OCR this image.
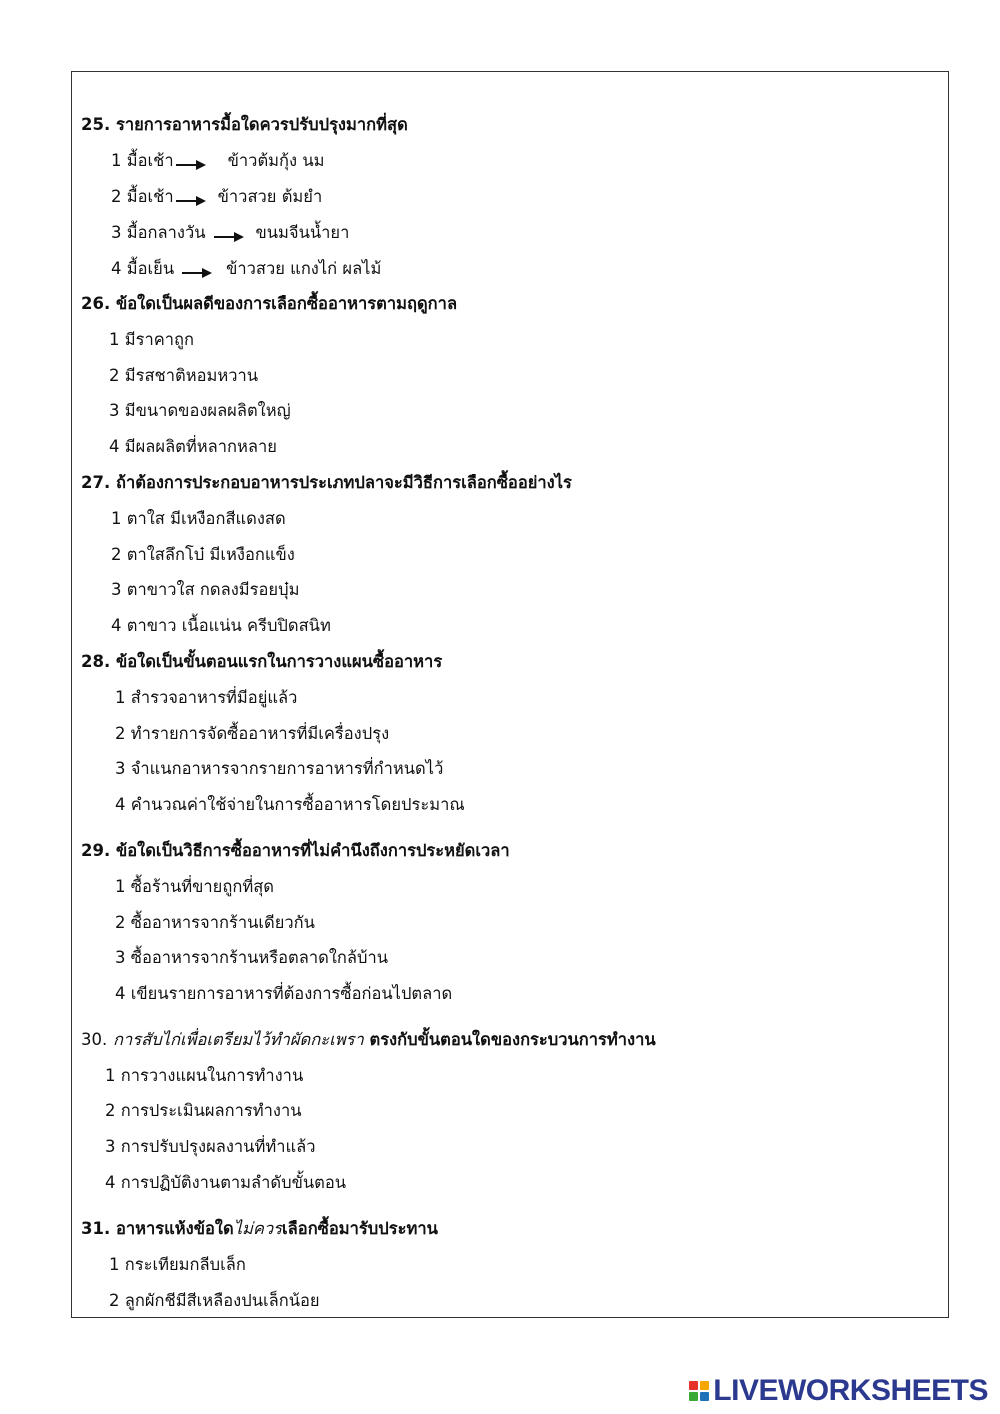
25. รายการอาหารมื้อใดควรปรับปรุงมากที่สุด
1 มื้อเช้า	ข้าวต้มกุ้ง นม
2 มื้อเช้า	ข้าวสวย ต้มยำ
3 มื้อกลางวัน	ขนมจีนน้ำยา
4 มื้อเย็น	ข้าวสวย แกงไก่ ผลไม้
26. ข้อใดเป็นผลดีของการเลือกซื้ออาหารตามฤดูกาล
1 มีราคาถูก
2 มีรสชาติหอมหวาน
3 มีขนาดของผลผลิตใหญ่
4 มีผลผลิตที่หลากหลาย
27. ถ้าต้องการประกอบอาหารประเภทปลาจะมีวิธีการเลือกซื้ออย่างไร
1 ตาใส มีเหงือกสีแดงสด
2 ตาใสลึกโบ๋ มีเหงือกแข็ง
3 ตาขาวใส กดลงมีรอยบุ๋ม
4 ตาขาว เนื้อแน่น ครีบปิดสนิท
28. ข้อใดเป็นขั้นตอนแรกในการวางแผนซื้ออาหาร
1 สำรวจอาหารที่มีอยู่แล้ว
2 ทำรายการจัดซื้ออาหารที่มีเครื่องปรุง
3 จำแนกอาหารจากรายการอาหารที่กำหนดไว้
4 คำนวณค่าใช้จ่ายในการซื้ออาหารโดยประมาณ
29. ข้อใดเป็นวิธีการซื้ออาหารที่ไม่คำนึงถึงการประหยัดเวลา
1 ซื้อร้านที่ขายถูกที่สุด
2 ซื้ออาหารจากร้านเดียวกัน
3 ซื้ออาหารจากร้านหรือตลาดใกล้บ้าน
4 เขียนรายการอาหารที่ต้องการซื้อก่อนไปตลาด
30. การสับไก่เพื่อเตรียมไว้ทำผัดกะเพรา ตรงกับขั้นตอนใดของกระบวนการทำงาน
1 การวางแผนในการทำงาน
2 การประเมินผลการทำงาน
3 การปรับปรุงผลงานที่ทำแล้ว
4 การปฏิบัติงานตามลำดับขั้นตอน
31. อาหารแห้งข้อใดไม่ควรเลือกซื้อมารับประทาน
1 กระเทียมกลีบเล็ก
2 ลูกผักชีมีสีเหลืองปนเล็กน้อย
LIVEWORKSHEETS
